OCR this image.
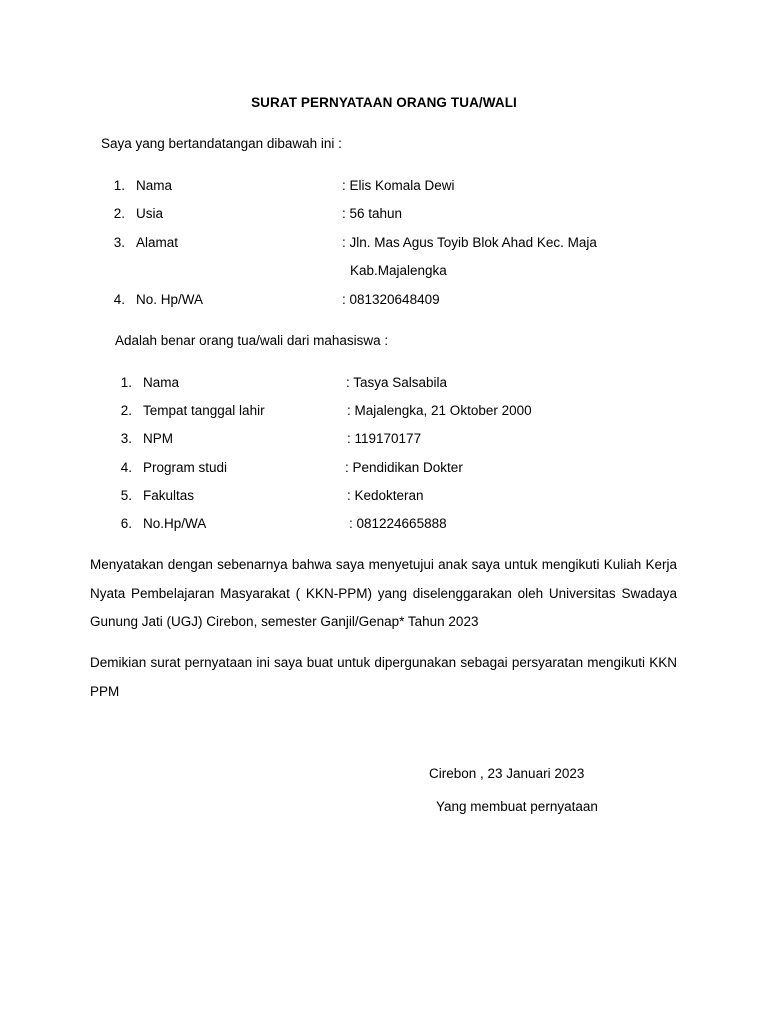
SURAT PERNYATAAN ORANG TUA/WALI
Saya yang bertandatangan dibawah ini :
1. Nama	: Elis Komala Dewi
2. Usia	: 56 tahun
3. Alamat	: Jln. Mas Agus Toyib Blok Ahad Kec. Maja
Kab.Majalengka
4. No. Hp/WA	: 081320648409
Adalah benar orang tua/wali dari mahasiswa :
1. Nama	: Tasya Salsabila
2. Tempat tanggal lahir	: Majalengka, 21 Oktober 2000
3. NPM	: 119170177
4. Program studi	: Pendidikan Dokter
5. Fakultas	: Kedokteran
6. No.Hp/WA	: 081224665888
Menyatakan dengan sebenarnya bahwa saya menyetujui anak saya untuk mengikuti Kuliah Kerja Nyata Pembelajaran Masyarakat ( KKN-PPM) yang diselenggarakan oleh Universitas Swadaya Gunung Jati (UGJ) Cirebon, semester Ganjil/Genap* Tahun 2023
Demikian surat pernyataan ini saya buat untuk dipergunakan sebagai persyaratan mengikuti KKN PPM
Cirebon , 23 Januari 2023
Yang membuat pernyataan
